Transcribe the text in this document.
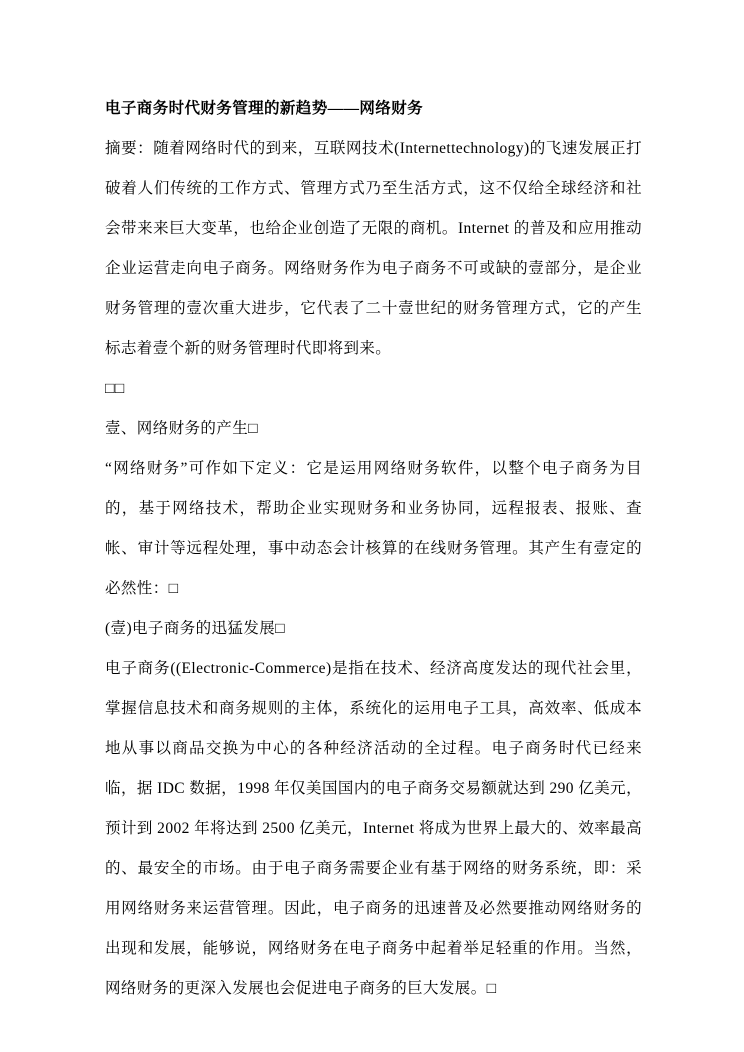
电子商务时代财务管理的新趋势——网络财务

摘要：随着网络时代的到来，互联网技术(Internettechnology)的飞速发展正打破着人们传统的工作方式、管理方式乃至生活方式，这不仅给全球经济和社会带来来巨大变革，也给企业创造了无限的商机。Internet 的普及和应用推动企业运营走向电子商务。网络财务作为电子商务不可或缺的壹部分，是企业财务管理的壹次重大进步，它代表了二十壹世纪的财务管理方式，它的产生标志着壹个新的财务管理时代即将到来。

□□

壹、网络财务的产生□

“网络财务”可作如下定义：它是运用网络财务软件，以整个电子商务为目的，基于网络技术，帮助企业实现财务和业务协同，远程报表、报账、查帐、审计等远程处理，事中动态会计核算的在线财务管理。其产生有壹定的必然性：□

(壹)电子商务的迅猛发展□

电子商务((Electronic-Commerce)是指在技术、经济高度发达的现代社会里，掌握信息技术和商务规则的主体，系统化的运用电子工具，高效率、低成本地从事以商品交换为中心的各种经济活动的全过程。电子商务时代已经来临，据 IDC 数据，1998 年仅美国国内的电子商务交易额就达到 290 亿美元，预计到 2002 年将达到 2500 亿美元，Internet 将成为世界上最大的、效率最高的、最安全的市场。由于电子商务需要企业有基于网络的财务系统，即：采用网络财务来运营管理。因此，电子商务的迅速普及必然要推动网络财务的出现和发展，能够说，网络财务在电子商务中起着举足轻重的作用。当然，网络财务的更深入发展也会促进电子商务的巨大发展。□
